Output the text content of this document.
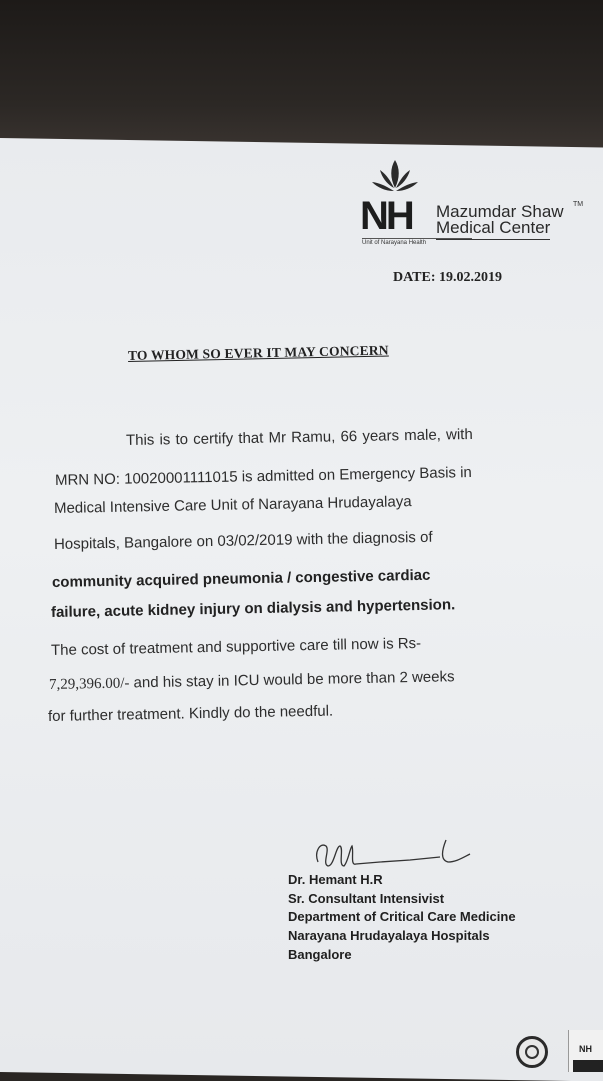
NH Mazumdar Shaw TM
Medical Center
Unit of Narayana Health
DATE: 19.02.2019
TO WHOM SO EVER IT MAY CONCERN
This is to certify that Mr Ramu, 66 years male, with
MRN NO: 10020001111015 is admitted on Emergency Basis in
Medical Intensive Care Unit of Narayana Hrudayalaya
Hospitals, Bangalore on 03/02/2019 with the diagnosis of
community acquired pneumonia / congestive cardiac
failure, acute kidney injury on dialysis and hypertension.
The cost of treatment and supportive care till now is Rs-
7,29,396.00/- and his stay in ICU would be more than 2 weeks
for further treatment. Kindly do the needful.
Dr. Hemant H.R
Sr. Consultant Intensivist
Department of Critical Care Medicine
Narayana Hrudayalaya Hospitals
Bangalore
NH
